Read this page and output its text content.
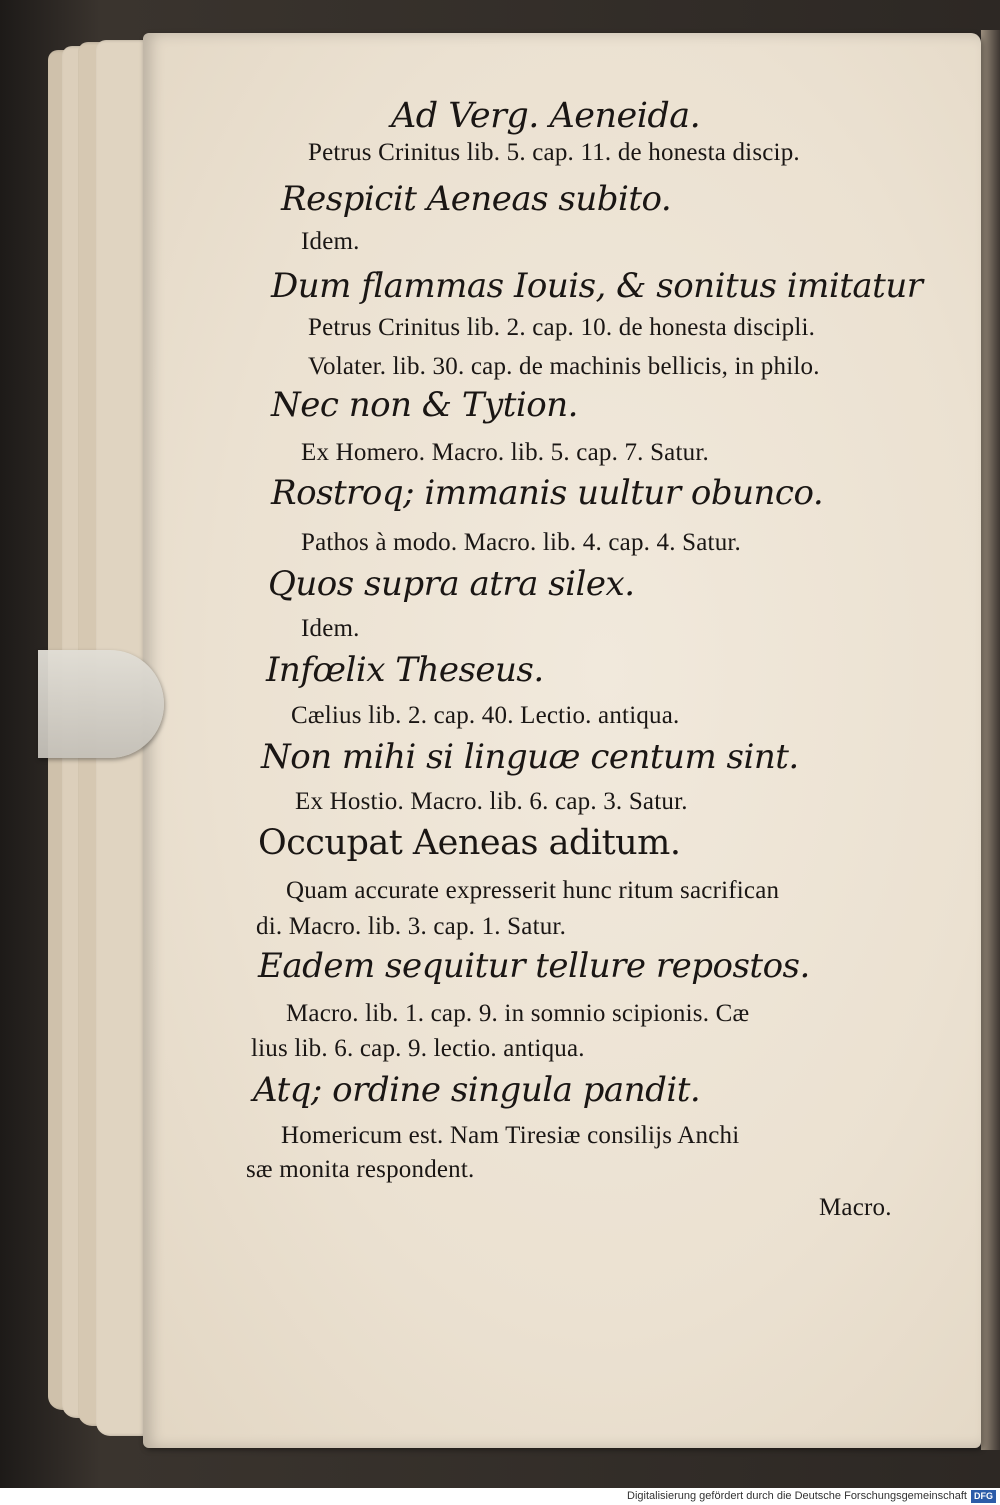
Ad Verg. Aeneida.
Petrus Crinitus lib. 5. cap. 11. de honesta discip.
Respicit Aeneas subito.
Idem.
Dum flammas Iouis, & sonitus imitatur
Petrus Crinitus lib. 2. cap. 10. de honesta discipli.
Volater. lib. 30. cap. de machinis bellicis, in philo.
Nec non & Tytion.
Ex Homero. Macro. lib. 5. cap. 7. Satur.
Rostroq; immanis uultur obunco.
Pathos à modo. Macro. lib. 4. cap. 4. Satur.
Quos supra atra silex.
Idem.
Infœlix Theseus.
Cælius lib. 2. cap. 40. Lectio. antiqua.
Non mihi si linguæ centum sint.
Ex Hostio. Macro. lib. 6. cap. 3. Satur.
Occupat Aeneas aditum.
Quam accurate expresserit hunc ritum sacrifican
di. Macro. lib. 3. cap. 1. Satur.
Eadem sequitur tellure repostos.
Macro. lib. 1. cap. 9. in somnio scipionis. Cæ
lius lib. 6. cap. 9. lectio. antiqua.
Atq; ordine singula pandit.
Homericum est. Nam Tiresiæ consilijs Anchi
sæ monita respondent.
Macro.
Digitalisierung gefördert durch die Deutsche Forschungsgemeinschaft DFG
